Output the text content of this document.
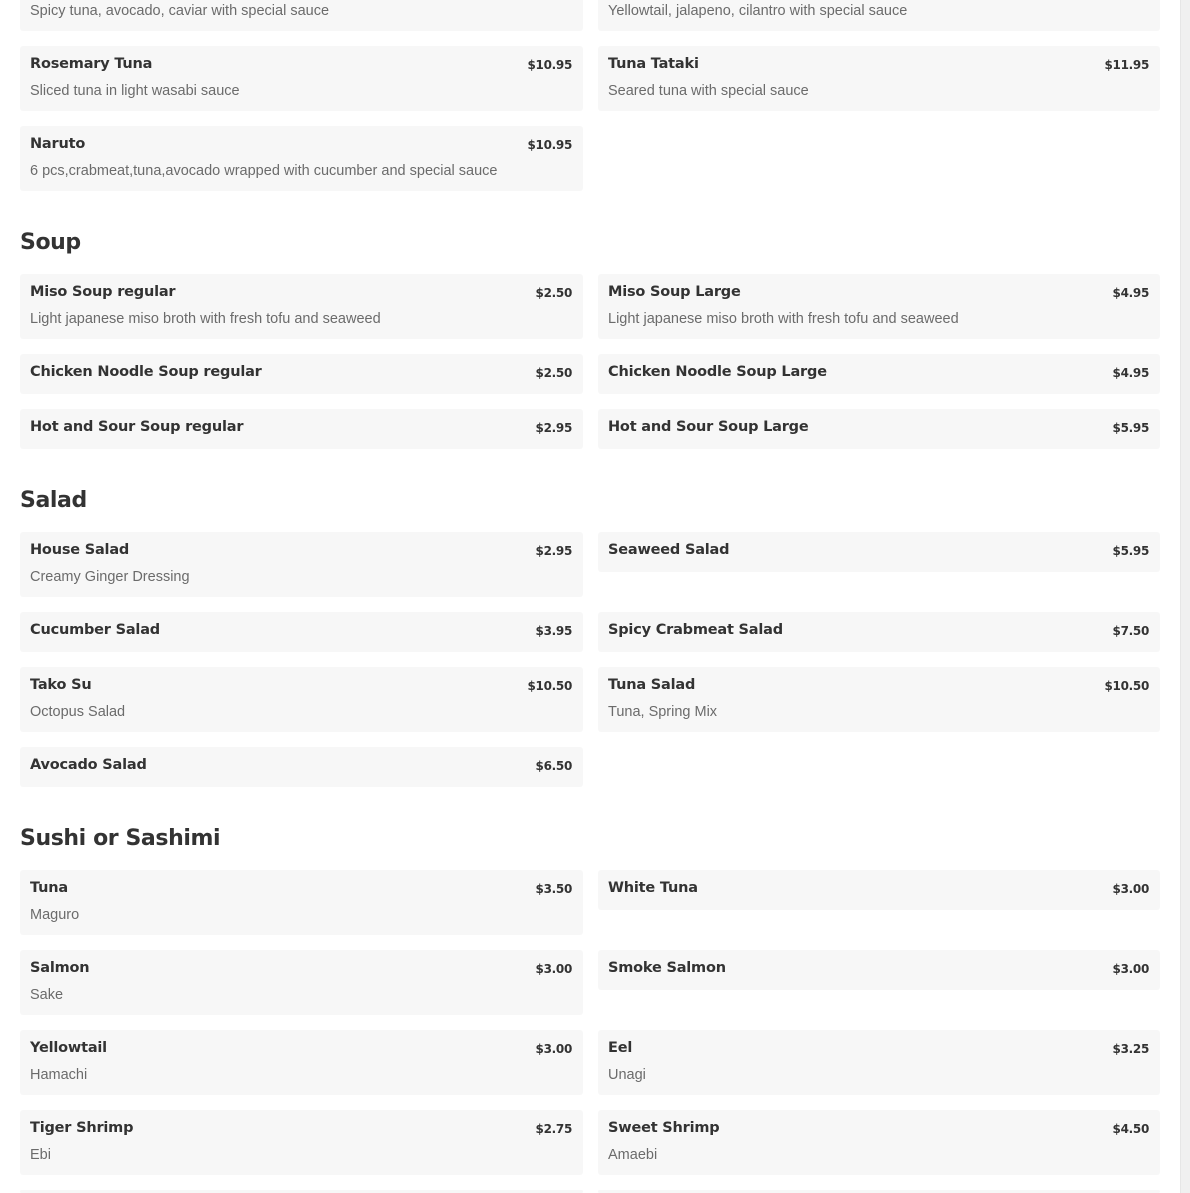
Spicy tuna, avocado, caviar with special sauce	Yellowtail, jalapeno, cilantro with special sauce
Rosemary Tuna	$10.95
Sliced tuna in light wasabi sauce
Tuna Tataki	$11.95
Seared tuna with special sauce
Naruto	$10.95
6 pcs,crabmeat,tuna,avocado wrapped with cucumber and special sauce
Soup
Miso Soup regular	$2.50
Light japanese miso broth with fresh tofu and seaweed
Miso Soup Large	$4.95
Light japanese miso broth with fresh tofu and seaweed
Chicken Noodle Soup regular	$2.50 Chicken Noodle Soup Large	$4.95
Hot and Sour Soup regular	$2.95 Hot and Sour Soup Large	$5.95
Salad
House Salad	$2.95
Creamy Ginger Dressing
Seaweed Salad	$5.95
Cucumber Salad	$3.95 Spicy Crabmeat Salad	$7.50
Tako Su	$10.50
Octopus Salad
Tuna Salad	$10.50
Tuna, Spring Mix
Avocado Salad	$6.50
Sushi or Sashimi
Tuna	$3.50
Maguro
White Tuna	$3.00
Salmon	$3.00
Sake
Smoke Salmon	$3.00
Yellowtail	$3.00
Hamachi
Eel	$3.25
Unagi
Tiger Shrimp	$2.75
Ebi
Sweet Shrimp	$4.50
Amaebi
